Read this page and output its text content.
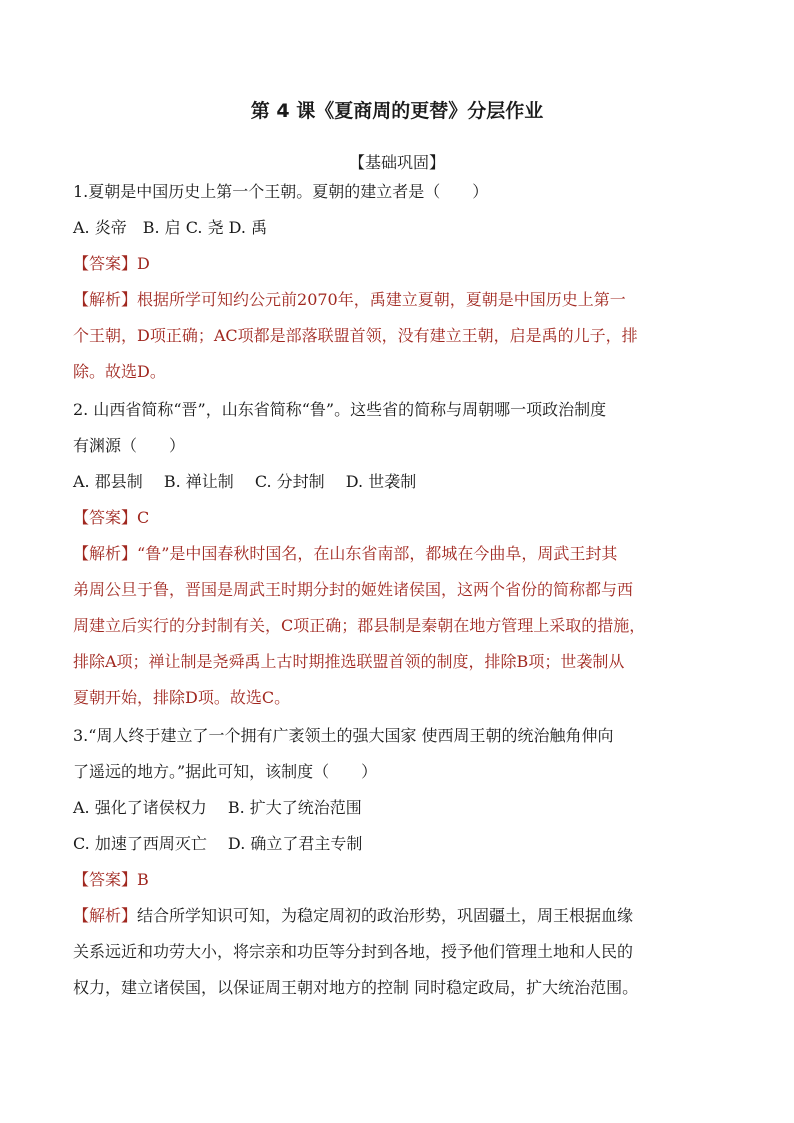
第 4 课《夏商周的更替》分层作业
【基础巩固】
1.夏朝是中国历史上第一个王朝。夏朝的建立者是（　　）
A. 炎帝　B. 启 C. 尧 D. 禹
【答案】D
【解析】根据所学可知约公元前2070年，禹建立夏朝，夏朝是中国历史上第一
个王朝，D项正确；AC项都是部落联盟首领，没有建立王朝，启是禹的儿子，排
除。故选D。
2. 山西省简称“晋”，山东省简称“鲁”。这些省的简称与周朝哪一项政治制度
有渊源（　　）
A. 郡县制　 B. 禅让制　 C. 分封制　 D. 世袭制
【答案】C
【解析】“鲁”是中国春秋时国名，在山东省南部，都城在今曲阜，周武王封其
弟周公旦于鲁，晋国是周武王时期分封的姬姓诸侯国，这两个省份的简称都与西
周建立后实行的分封制有关，C项正确；郡县制是秦朝在地方管理上采取的措施，
排除A项；禅让制是尧舜禹上古时期推选联盟首领的制度，排除B项；世袭制从
夏朝开始，排除D项。故选C。
3.“周人终于建立了一个拥有广袤领土的强大国家 使西周王朝的统治触角伸向
了遥远的地方。”据此可知，该制度（　　）
A. 强化了诸侯权力　 B. 扩大了统治范围
C. 加速了西周灭亡　 D. 确立了君主专制
【答案】B
【解析】结合所学知识可知，为稳定周初的政治形势，巩固疆土，周王根据血缘
关系远近和功劳大小，将宗亲和功臣等分封到各地，授予他们管理土地和人民的
权力，建立诸侯国，以保证周王朝对地方的控制 同时稳定政局，扩大统治范围。
